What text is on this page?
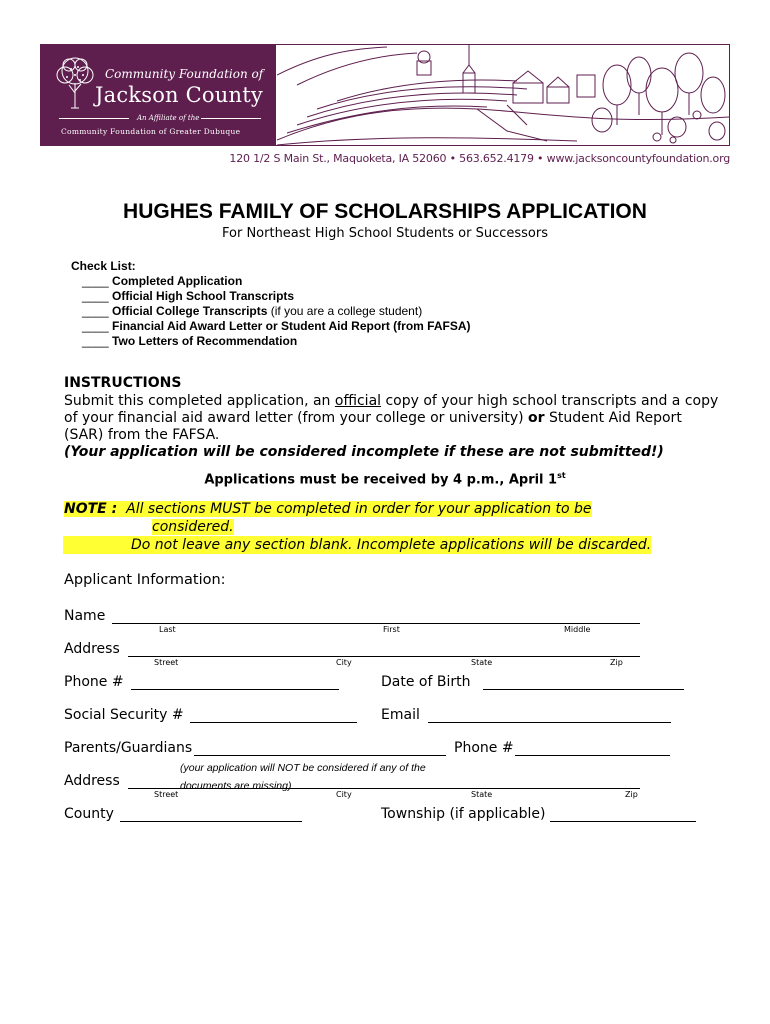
Community Foundation of
Jackson County
An Affiliate of the
Community Foundation of Greater Dubuque
120 1/2 S Main St., Maquoketa, IA 52060 • 563.652.4179 • www.jacksoncountyfoundation.org
HUGHES FAMILY OF SCHOLARSHIPS APPLICATION
For Northeast High School Students or Successors
Check List:
____ Completed Application
____ Official High School Transcripts
____ Official College Transcripts (if you are a college student)
____ Financial Aid Award Letter or Student Aid Report (from FAFSA)
____ Two Letters of Recommendation
(your application will NOT be considered if any of the documents are missing)
INSTRUCTIONS
Submit this completed application, an official copy of your high school transcripts and a copy of your financial aid award letter (from your college or university) or Student Aid Report (SAR) from the FAFSA.
(Your application will be considered incomplete if these are not submitted!)
Applications must be received by 4 p.m., April 1st
NOTE : All sections MUST be completed in order for your application to be
considered.
Do not leave any section blank. Incomplete applications will be discarded.
Applicant Information:
Name
Last	First	Middle
Address
Street	City	State	Zip
Phone #	Date of Birth
Social Security #	Email
Parents/Guardians	Phone #
Address
Street	City	State	Zip
County	Township (if applicable)
